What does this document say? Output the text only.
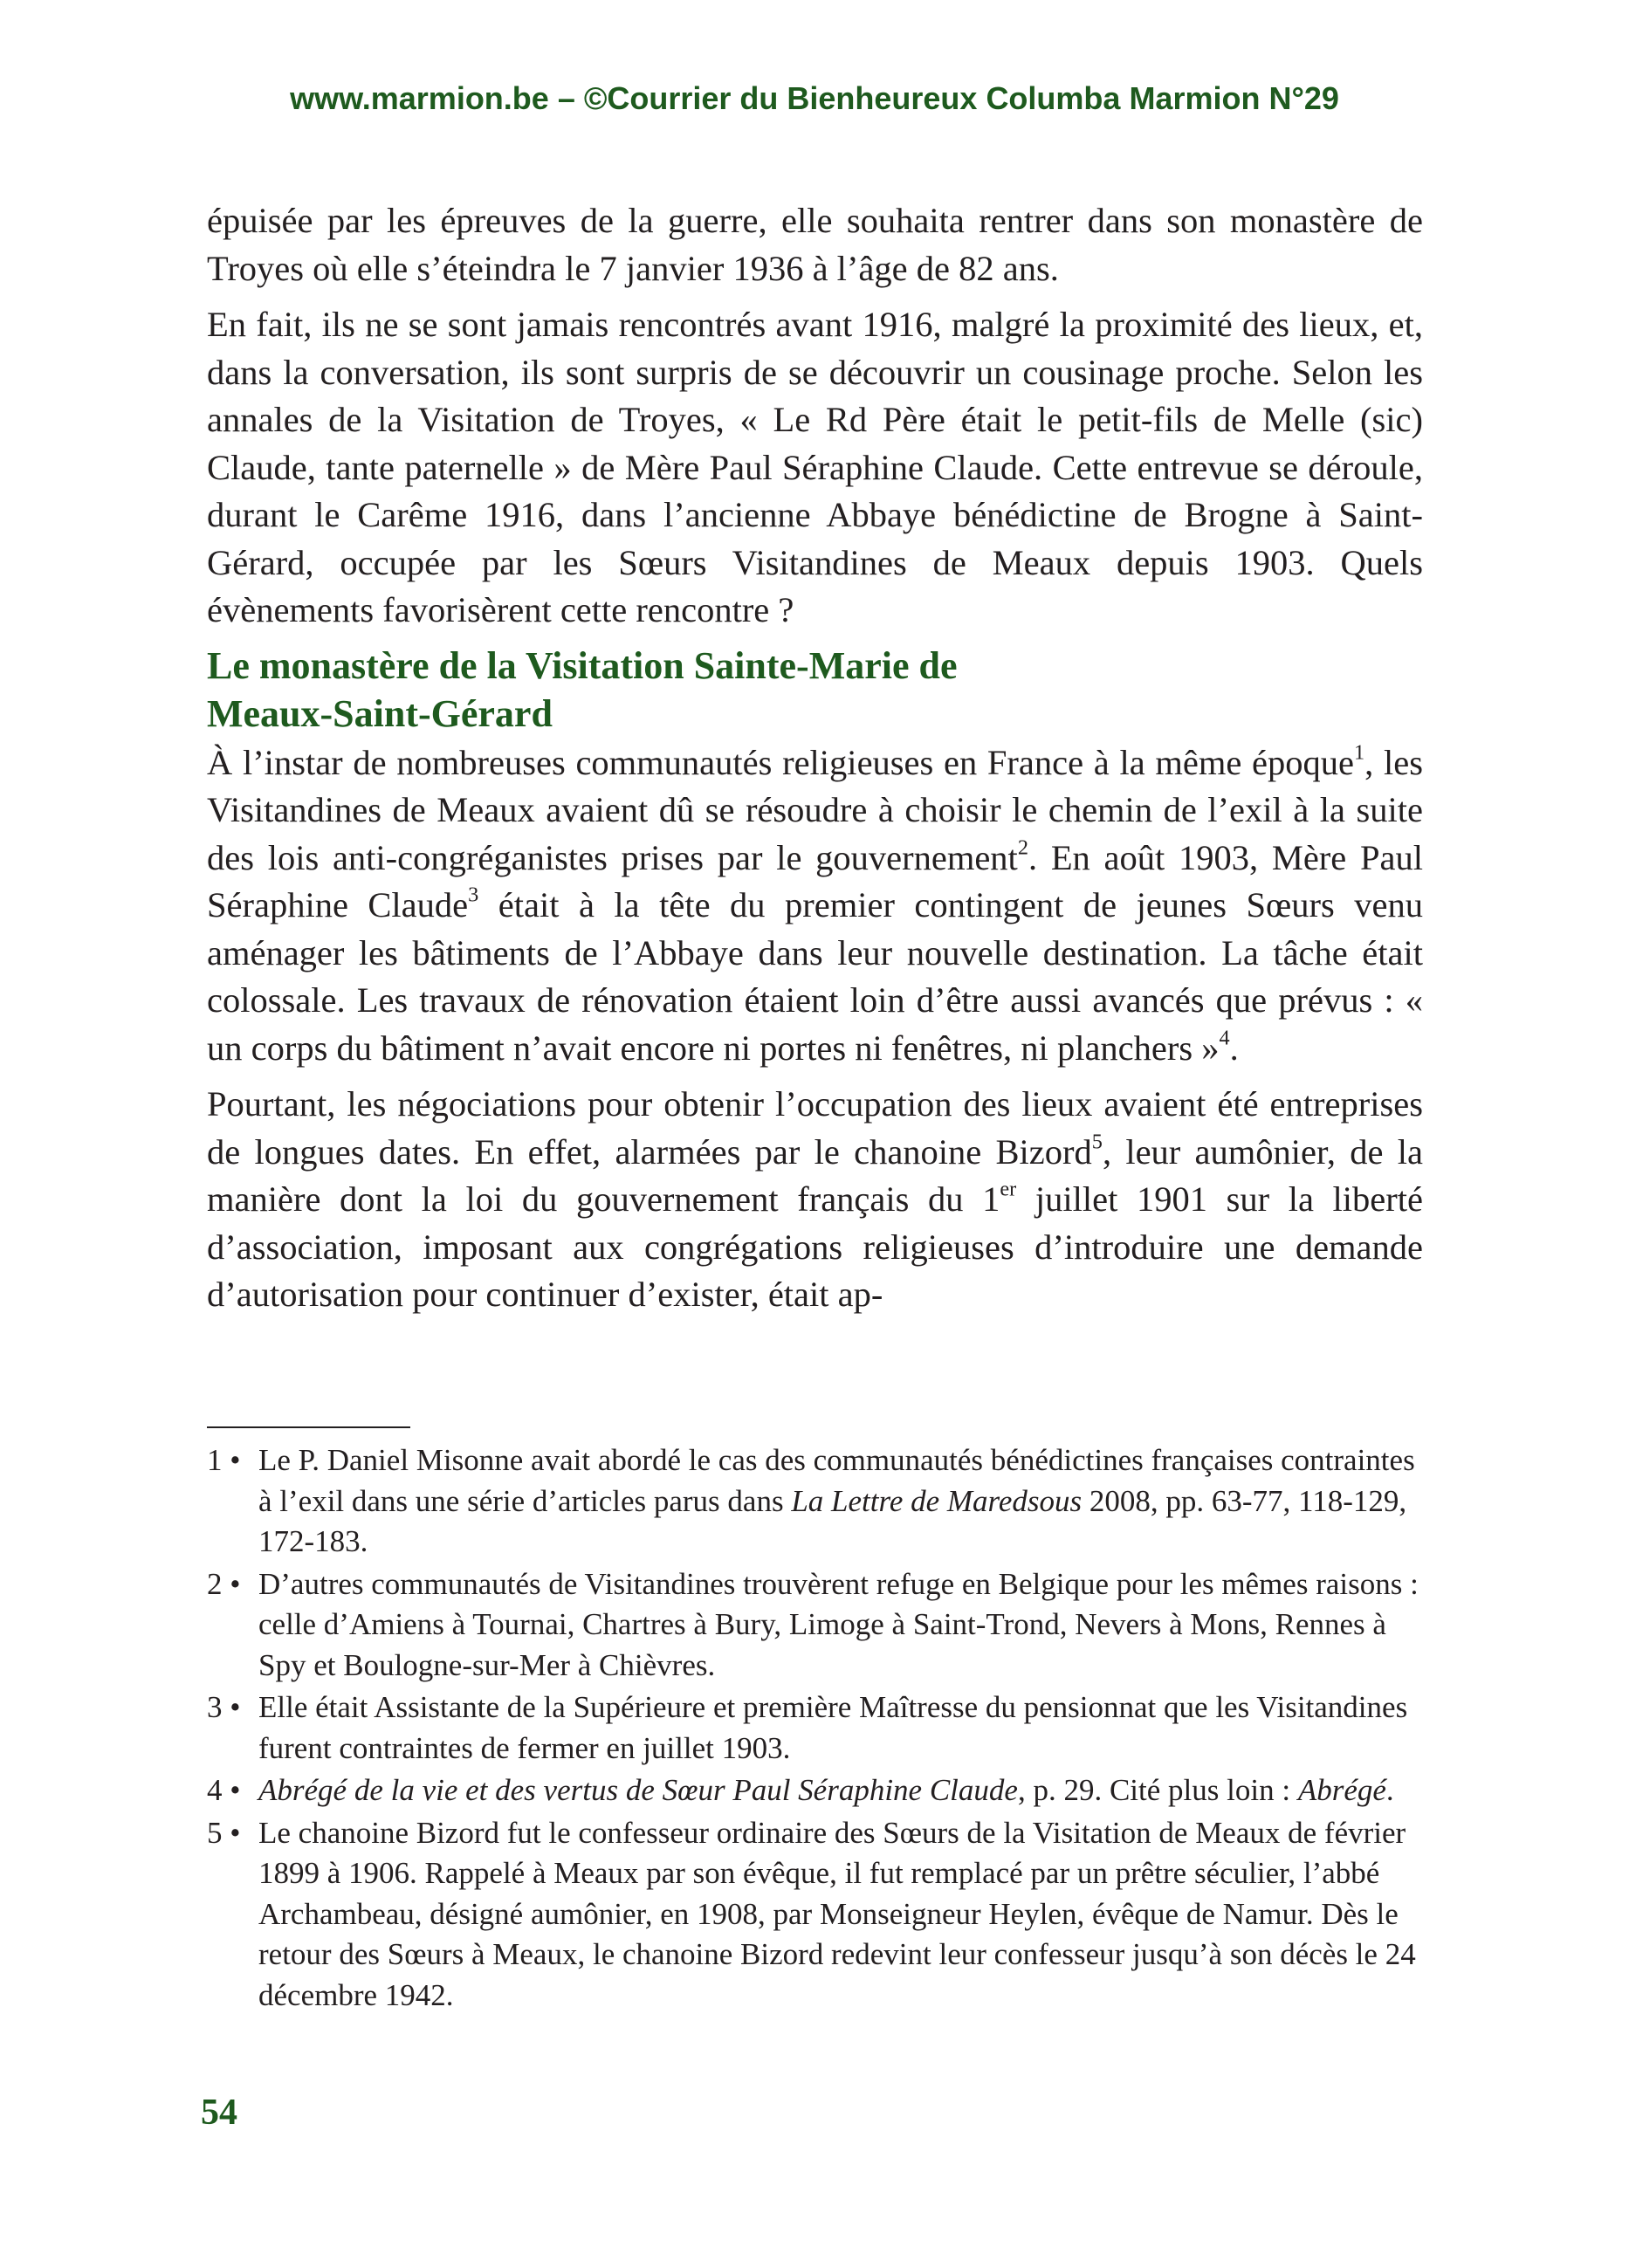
www.marmion.be – ©Courrier du Bienheureux Columba Marmion N°29

épuisée par les épreuves de la guerre, elle souhaita rentrer dans son monastère de Troyes où elle s’éteindra le 7 janvier 1936 à l’âge de 82 ans.

En fait, ils ne se sont jamais rencontrés avant 1916, malgré la proximité des lieux, et, dans la conversation, ils sont surpris de se découvrir un cousinage proche. Selon les annales de la Visitation de Troyes, « Le Rd Père était le petit-fils de Melle (sic) Claude, tante paternelle » de Mère Paul Séraphine Claude. Cette entrevue se déroule, durant le Carême 1916, dans l’ancienne Abbaye bénédictine de Brogne à Saint-Gérard, occupée par les Sœurs Visitandines de Meaux depuis 1903. Quels évènements favorisèrent cette rencontre ?

Le monastère de la Visitation Sainte-Marie de
Meaux-Saint-Gérard

À l’instar de nombreuses communautés religieuses en France à la même époque$^1$, les Visitandines de Meaux avaient dû se résoudre à choisir le chemin de l’exil à la suite des lois anti-congréganistes prises par le gouvernement$^2$. En août 1903, Mère Paul Séraphine Claude$^3$ était à la tête du premier contingent de jeunes Sœurs venu aménager les bâtiments de l’Abbaye dans leur nouvelle destination. La tâche était colossale. Les travaux de rénovation étaient loin d’être aussi avancés que prévus : « un corps du bâtiment n’avait encore ni portes ni fenêtres, ni planchers »$^4$.

Pourtant, les négociations pour obtenir l’occupation des lieux avaient été entreprises de longues dates. En effet, alarmées par le chanoine Bizord$^5$, leur aumônier, de la manière dont la loi du gouvernement français du 1er juillet 1901 sur la liberté d’association, imposant aux congrégations religieuses d’introduire une demande d’autorisation pour continuer d’exister, était ap-

1 • Le P. Daniel Misonne avait abordé le cas des communautés bénédictines françaises contraintes à l’exil dans une série d’articles parus dans La Lettre de Maredsous 2008, pp. 63-77, 118-129, 172-183.
2 • D’autres communautés de Visitandines trouvèrent refuge en Belgique pour les mêmes raisons : celle d’Amiens à Tournai, Chartres à Bury, Limoge à Saint-Trond, Nevers à Mons, Rennes à Spy et Boulogne-sur-Mer à Chièvres.
3 • Elle était Assistante de la Supérieure et première Maîtresse du pensionnat que les Visitandines furent contraintes de fermer en juillet 1903.
4 • Abrégé de la vie et des vertus de Sœur Paul Séraphine Claude, p. 29. Cité plus loin : Abrégé.
5 • Le chanoine Bizord fut le confesseur ordinaire des Sœurs de la Visitation de Meaux de février 1899 à 1906. Rappelé à Meaux par son évêque, il fut remplacé par un prêtre séculier, l’abbé Archambeau, désigné aumônier, en 1908, par Monseigneur Heylen, évêque de Namur. Dès le retour des Sœurs à Meaux, le chanoine Bizord redevint leur confesseur jusqu’à son décès le 24 décembre 1942.
54
